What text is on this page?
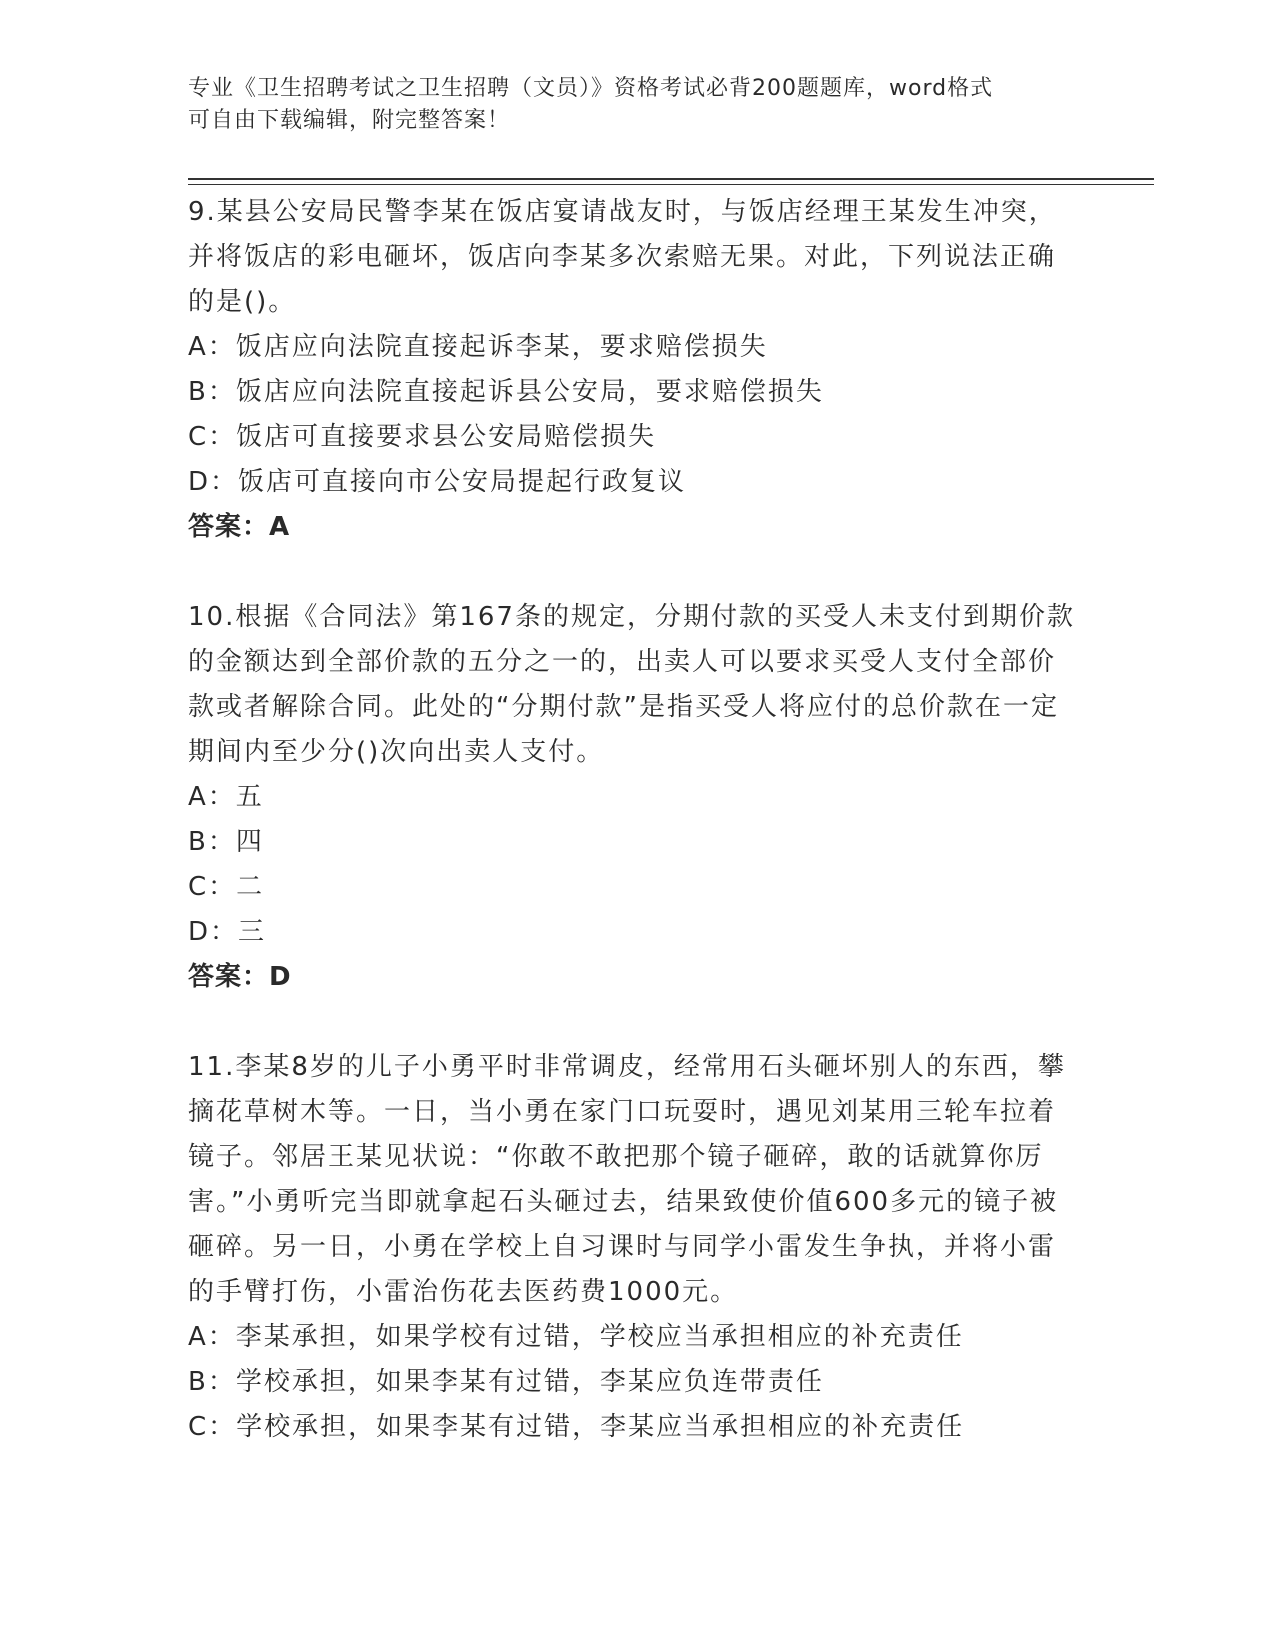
专业《卫生招聘考试之卫生招聘（文员）》资格考试必背200题题库，word格式
可自由下载编辑，附完整答案！

9.某县公安局民警李某在饭店宴请战友时，与饭店经理王某发生冲突，并将饭店的彩电砸坏，饭店向李某多次索赔无果。对此，下列说法正确的是()。

A：饭店应向法院直接起诉李某，要求赔偿损失

B：饭店应向法院直接起诉县公安局，要求赔偿损失

C：饭店可直接要求县公安局赔偿损失

D：饭店可直接向市公安局提起行政复议

答案：A

10.根据《合同法》第167条的规定，分期付款的买受人未支付到期价款的金额达到全部价款的五分之一的，出卖人可以要求买受人支付全部价款或者解除合同。此处的“分期付款”是指买受人将应付的总价款在一定期间内至少分()次向出卖人支付。

A：五

B：四

C：二

D：三

答案：D

11.李某8岁的儿子小勇平时非常调皮，经常用石头砸坏别人的东西，攀摘花草树木等。一日，当小勇在家门口玩耍时，遇见刘某用三轮车拉着镜子。邻居王某见状说：“你敢不敢把那个镜子砸碎，敢的话就算你厉害。”小勇听完当即就拿起石头砸过去，结果致使价值600多元的镜子被砸碎。另一日，小勇在学校上自习课时与同学小雷发生争执，并将小雷的手臂打伤，小雷治伤花去医药费1000元。

A：李某承担，如果学校有过错，学校应当承担相应的补充责任

B：学校承担，如果李某有过错，李某应负连带责任

C：学校承担，如果李某有过错，李某应当承担相应的补充责任
